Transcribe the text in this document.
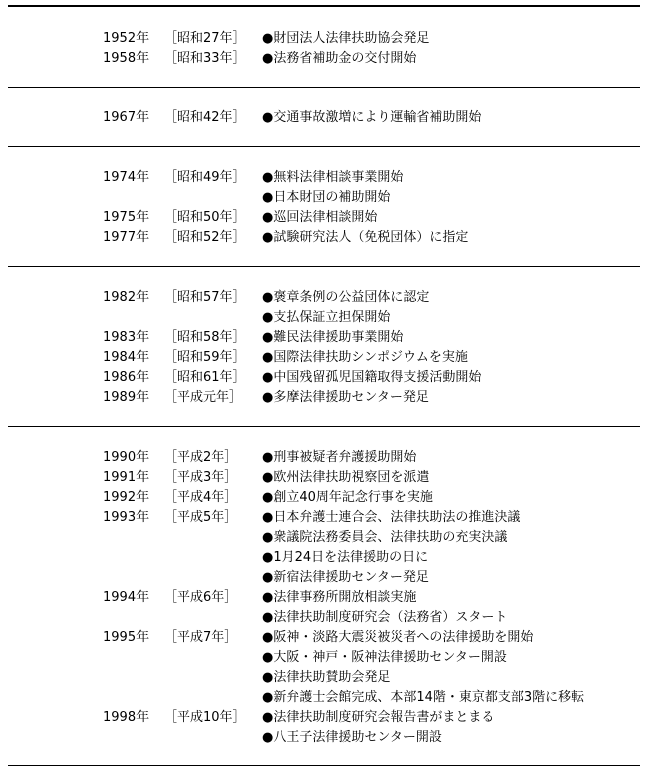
1952年 ［昭和27年］ ●財団法人法律扶助協会発足
1958年 ［昭和33年］ ●法務省補助金の交付開始
1967年 ［昭和42年］ ●交通事故激増により運輸省補助開始
1974年 ［昭和49年］ ●無料法律相談事業開始
●日本財団の補助開始
1975年 ［昭和50年］ ●巡回法律相談開始
1977年 ［昭和52年］ ●試験研究法人（免税団体）に指定
1982年 ［昭和57年］ ●褒章条例の公益団体に認定
●支払保証立担保開始
1983年 ［昭和58年］ ●難民法律援助事業開始
1984年 ［昭和59年］ ●国際法律扶助シンポジウムを実施
1986年 ［昭和61年］ ●中国残留孤児国籍取得支援活動開始
1989年 ［平成元年］ ●多摩法律援助センター発足
1990年 ［平成2年］ ●刑事被疑者弁護援助開始
1991年 ［平成3年］ ●欧州法律扶助視察団を派遣
1992年 ［平成4年］ ●創立40周年記念行事を実施
1993年 ［平成5年］ ●日本弁護士連合会、法律扶助法の推進決議
●衆議院法務委員会、法律扶助の充実決議
●1月24日を法律援助の日に
●新宿法律援助センター発足
1994年 ［平成6年］ ●法律事務所開放相談実施
●法律扶助制度研究会（法務省）スタート
1995年 ［平成7年］ ●阪神・淡路大震災被災者への法律援助を開始
●大阪・神戸・阪神法律援助センター開設
●法律扶助賛助会発足
●新弁護士会館完成、本部14階・東京都支部3階に移転
1998年 ［平成10年］ ●法律扶助制度研究会報告書がまとまる
●八王子法律援助センター開設
